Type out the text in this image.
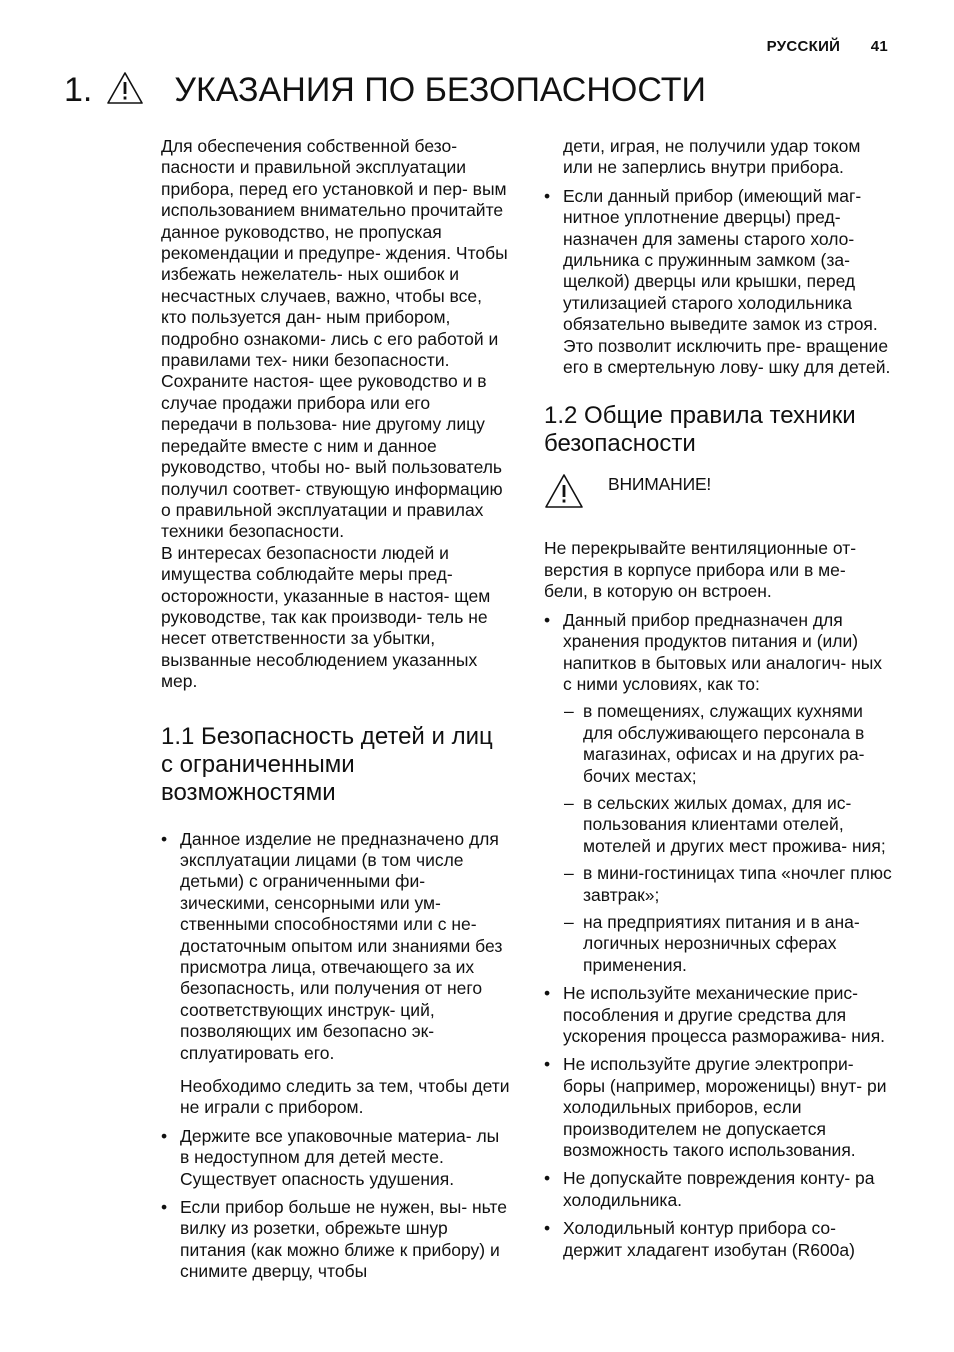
РУССКИЙ 41
1. УКАЗАНИЯ ПО БЕЗОПАСНОСТИ

Для обеспечения собственной безо- пасности и правильной эксплуатации прибора, перед его установкой и пер- вым использованием внимательно прочитайте данное руководство, не пропуская рекомендации и предупре- ждения. Чтобы избежать нежелатель- ных ошибок и несчастных случаев, важно, чтобы все, кто пользуется дан- ным прибором, подробно ознакоми- лись с его работой и правилами тех- ники безопасности. Сохраните настоя- щее руководство и в случае продажи прибора или его передачи в пользова- ние другому лицу передайте вместе с ним и данное руководство, чтобы но- вый пользователь получил соответ- ствующую информацию о правильной эксплуатации и правилах техники безопасности.

В интересах безопасности людей и имущества соблюдайте меры пред- осторожности, указанные в настоя- щем руководстве, так как производи- тель не несет ответственности за убытки, вызванные несоблюдением указанных мер.

1.1 Безопасность детей и лиц с ограниченными возможностями
• Данное изделие не предназначено для эксплуатации лицами (в том числе детьми) с ограниченными фи- зическими, сенсорными или ум- ственными способностями или с не- достаточным опытом или знаниями без присмотра лица, отвечающего за их безопасность, или получения от него соответствующих инструк- ций, позволяющих им безопасно эк- сплуатировать его.
Необходимо следить за тем, чтобы дети не играли с прибором.
• Держите все упаковочные материа- лы в недоступном для детей месте. Существует опасность удушения.
• Если прибор больше не нужен, вы- ньте вилку из розетки, обрежьте шнур питания (как можно ближе к прибору) и снимите дверцу, чтобы
дети, играя, не получили удар током или не заперлись внутри прибора.
• Если данный прибор (имеющий маг- нитное уплотнение дверцы) пред- назначен для замены старого холо- дильника с пружинным замком (за- щелкой) дверцы или крышки, перед утилизацией старого холодильника обязательно выведите замок из строя. Это позволит исключить пре- вращение его в смертельную лову- шку для детей.
1.2 Общие правила техники безопасности
ВНИМАНИЕ!

Не перекрывайте вентиляционные от- верстия в корпусе прибора или в ме- бели, в которую он встроен.

• Данный прибор предназначен для хранения продуктов питания и (или) напитков в бытовых или аналогич- ных с ними условиях, как то:
– в помещениях, служащих кухнями для обслуживающего персонала в магазинах, офисах и на других ра- бочих местах;
– в сельских жилых домах, для ис- пользования клиентами отелей, мотелей и других мест прожива- ния;
– в мини-гостиницах типа «ночлег плюс завтрак»;
– на предприятиях питания и в ана- логичных нерозничных сферах применения.
• Не используйте механические прис- пособления и другие средства для ускорения процесса разморажива- ния.
• Не используйте другие электропри- боры (например, мороженицы) внут- ри холодильных приборов, если производителем не допускается возможность такого использования.
• Не допускайте повреждения конту- ра холодильника.
• Холодильный контур прибора со- держит хладагент изобутан (R600a)
